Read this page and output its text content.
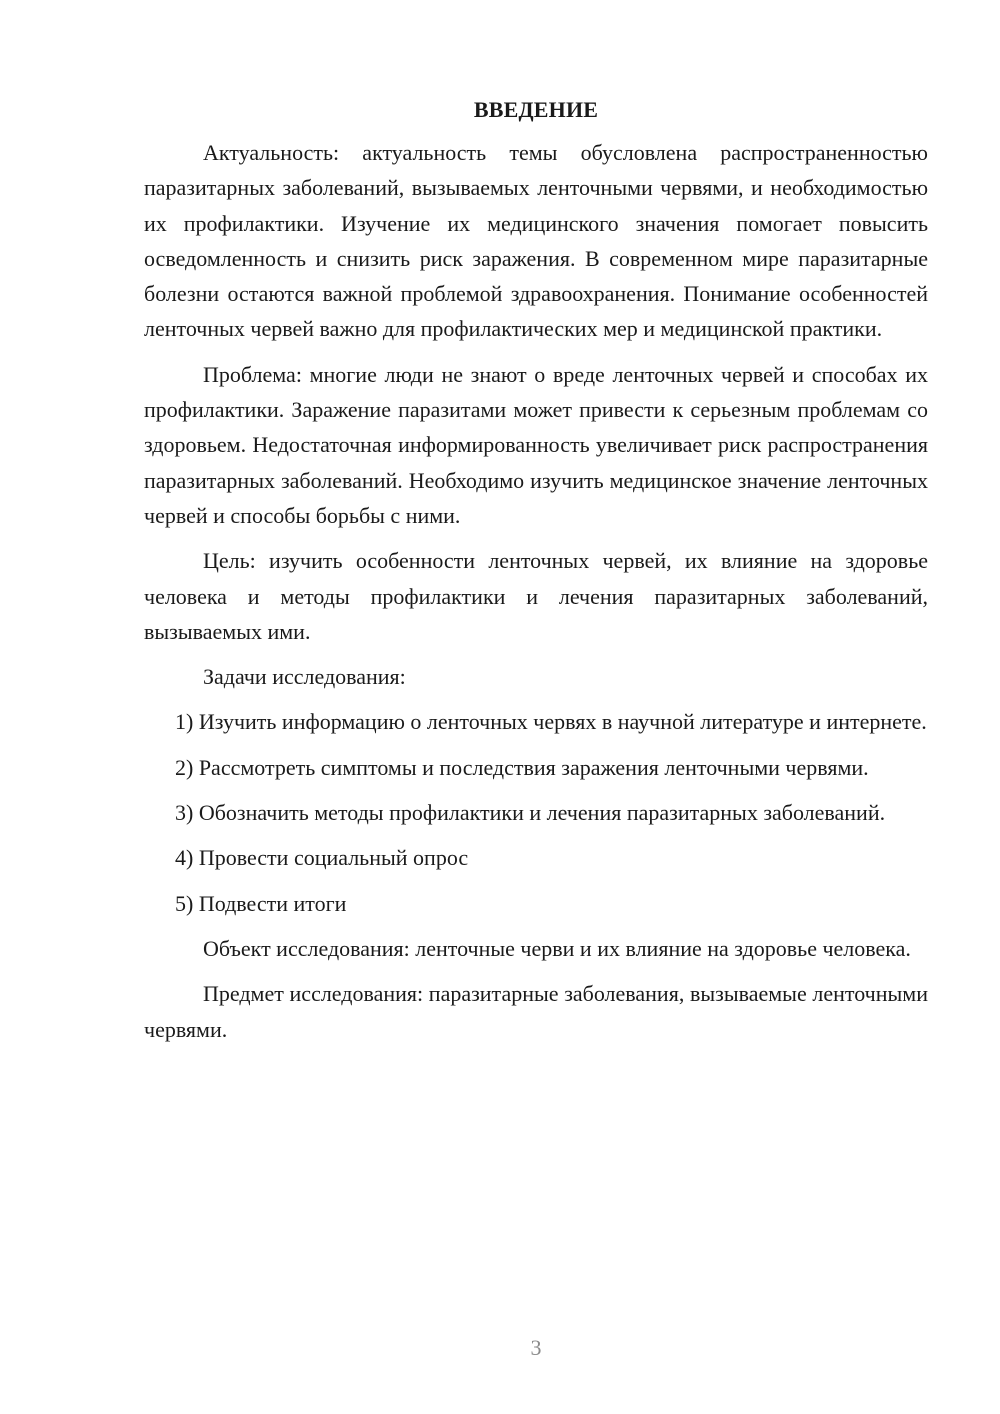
ВВЕДЕНИЕ

Актуальность: актуальность темы обусловлена распространенностью паразитарных заболеваний, вызываемых ленточными червями, и необходимостью их профилактики. Изучение их медицинского значения помогает повысить осведомленность и снизить риск заражения. В современном мире паразитарные болезни остаются важной проблемой здравоохранения. Понимание особенностей ленточных червей важно для профилактических мер и медицинской практики.

Проблема: многие люди не знают о вреде ленточных червей и способах их профилактики. Заражение паразитами может привести к серьезным проблемам со здоровьем. Недостаточная информированность увеличивает риск распространения паразитарных заболеваний. Необходимо изучить медицинское значение ленточных червей и способы борьбы с ними.

Цель: изучить особенности ленточных червей, их влияние на здоровье человека и методы профилактики и лечения паразитарных заболеваний, вызываемых ими.

Задачи исследования:

1) Изучить информацию о ленточных червях в научной литературе и интернете.

2) Рассмотреть симптомы и последствия заражения ленточными червями.

3) Обозначить методы профилактики и лечения паразитарных заболеваний.

4) Провести социальный опрос

5) Подвести итоги

Объект исследования: ленточные черви и их влияние на здоровье человека.

Предмет исследования: паразитарные заболевания, вызываемые ленточными червями.

3
